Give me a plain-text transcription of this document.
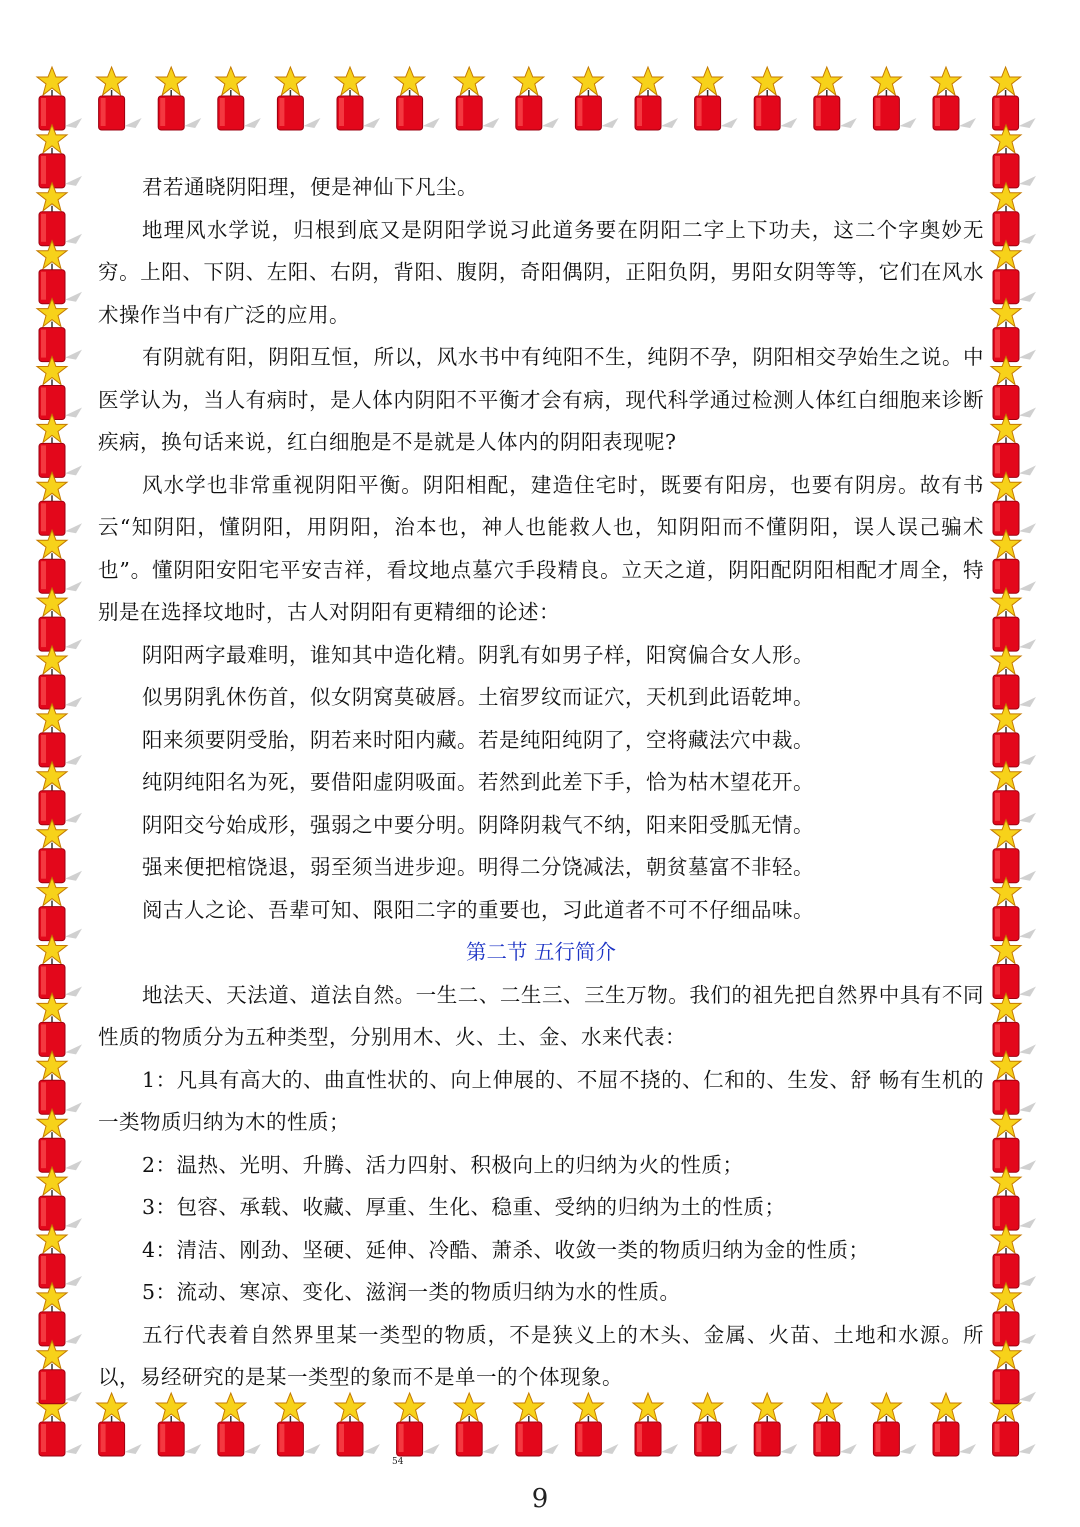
君若通晓阴阳理，便是神仙下凡尘。

地理风水学说，归根到底又是阴阳学说习此道务要在阴阳二字上下功夫，这二个字奥妙无穷。上阳、下阴、左阳、右阴，背阳、腹阴，奇阳偶阴，正阳负阴，男阳女阴等等，它们在风水术操作当中有广泛的应用。

有阴就有阳，阴阳互恒，所以，风水书中有纯阳不生，纯阴不孕，阴阳相交孕始生之说。中医学认为，当人有病时，是人体内阴阳不平衡才会有病，现代科学通过检测人体红白细胞来诊断疾病，换句话来说，红白细胞是不是就是人体内的阴阳表现呢?

风水学也非常重视阴阳平衡。阴阳相配，建造住宅时，既要有阳房，也要有阴房。故有书云“知阴阳，懂阴阳，用阴阳，治本也，神人也能救人也，知阴阳而不懂阴阳，误人误己骗术也”。懂阴阳安阳宅平安吉祥，看坟地点墓穴手段精良。立天之道，阴阳配阴阳相配才周全，特别是在选择坟地时，古人对阴阳有更精细的论述：

阴阳两字最难明，谁知其中造化精。阴乳有如男子样，阳窝偏合女人形。

似男阴乳休伤首，似女阴窝莫破唇。土宿罗纹而证穴，天机到此语乾坤。

阳来须要阴受胎，阴若来时阳内藏。若是纯阳纯阴了，空将藏法穴中裁。

纯阴纯阳名为死，要借阳虚阴吸面。若然到此差下手，恰为枯木望花开。

阴阳交兮始成形，强弱之中要分明。阴降阴栽气不纳，阳来阳受胍无情。

强来便把棺饶退，弱至须当进步迎。明得二分饶减法，朝贫墓富不非轻。

阅古人之论、吾辈可知、限阳二字的重要也，习此道者不可不仔细品味。

第二节 五行简介

地法天、天法道、道法自然。一生二、二生三、三生万物。我们的祖先把自然界中具有不同性质的物质分为五种类型，分别用木、火、土、金、水来代表：

1：凡具有高大的、曲直性状的、向上伸展的、不屈不挠的、仁和的、生发、舒 畅有生机的一类物质归纳为木的性质；

2：温热、光明、升腾、活力四射、积极向上的归纳为火的性质；

3：包容、承载、收藏、厚重、生化、稳重、受纳的归纳为土的性质；

4：清洁、刚劲、坚硬、延伸、冷酷、萧杀、收敛一类的物质归纳为金的性质；

5：流动、寒凉、变化、滋润一类的物质归纳为水的性质。

五行代表着自然界里某一类型的物质，不是狭义上的木头、金属、火苗、土地和水源。所以，易经研究的是某一类型的象而不是单一的个体现象。

54
9
